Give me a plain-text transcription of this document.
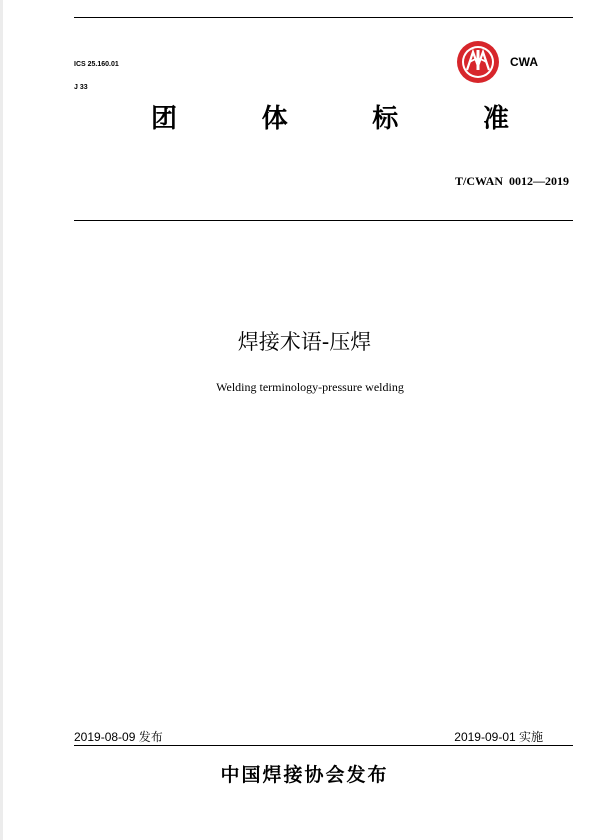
ICS 25.160.01
J 33
CWA
团	体	标	准
T/CWAN  0012—2019
焊接术语-压焊
Welding terminology-pressure welding
2019-08-09 发布	2019-09-01 实施
中国焊接协会发布
